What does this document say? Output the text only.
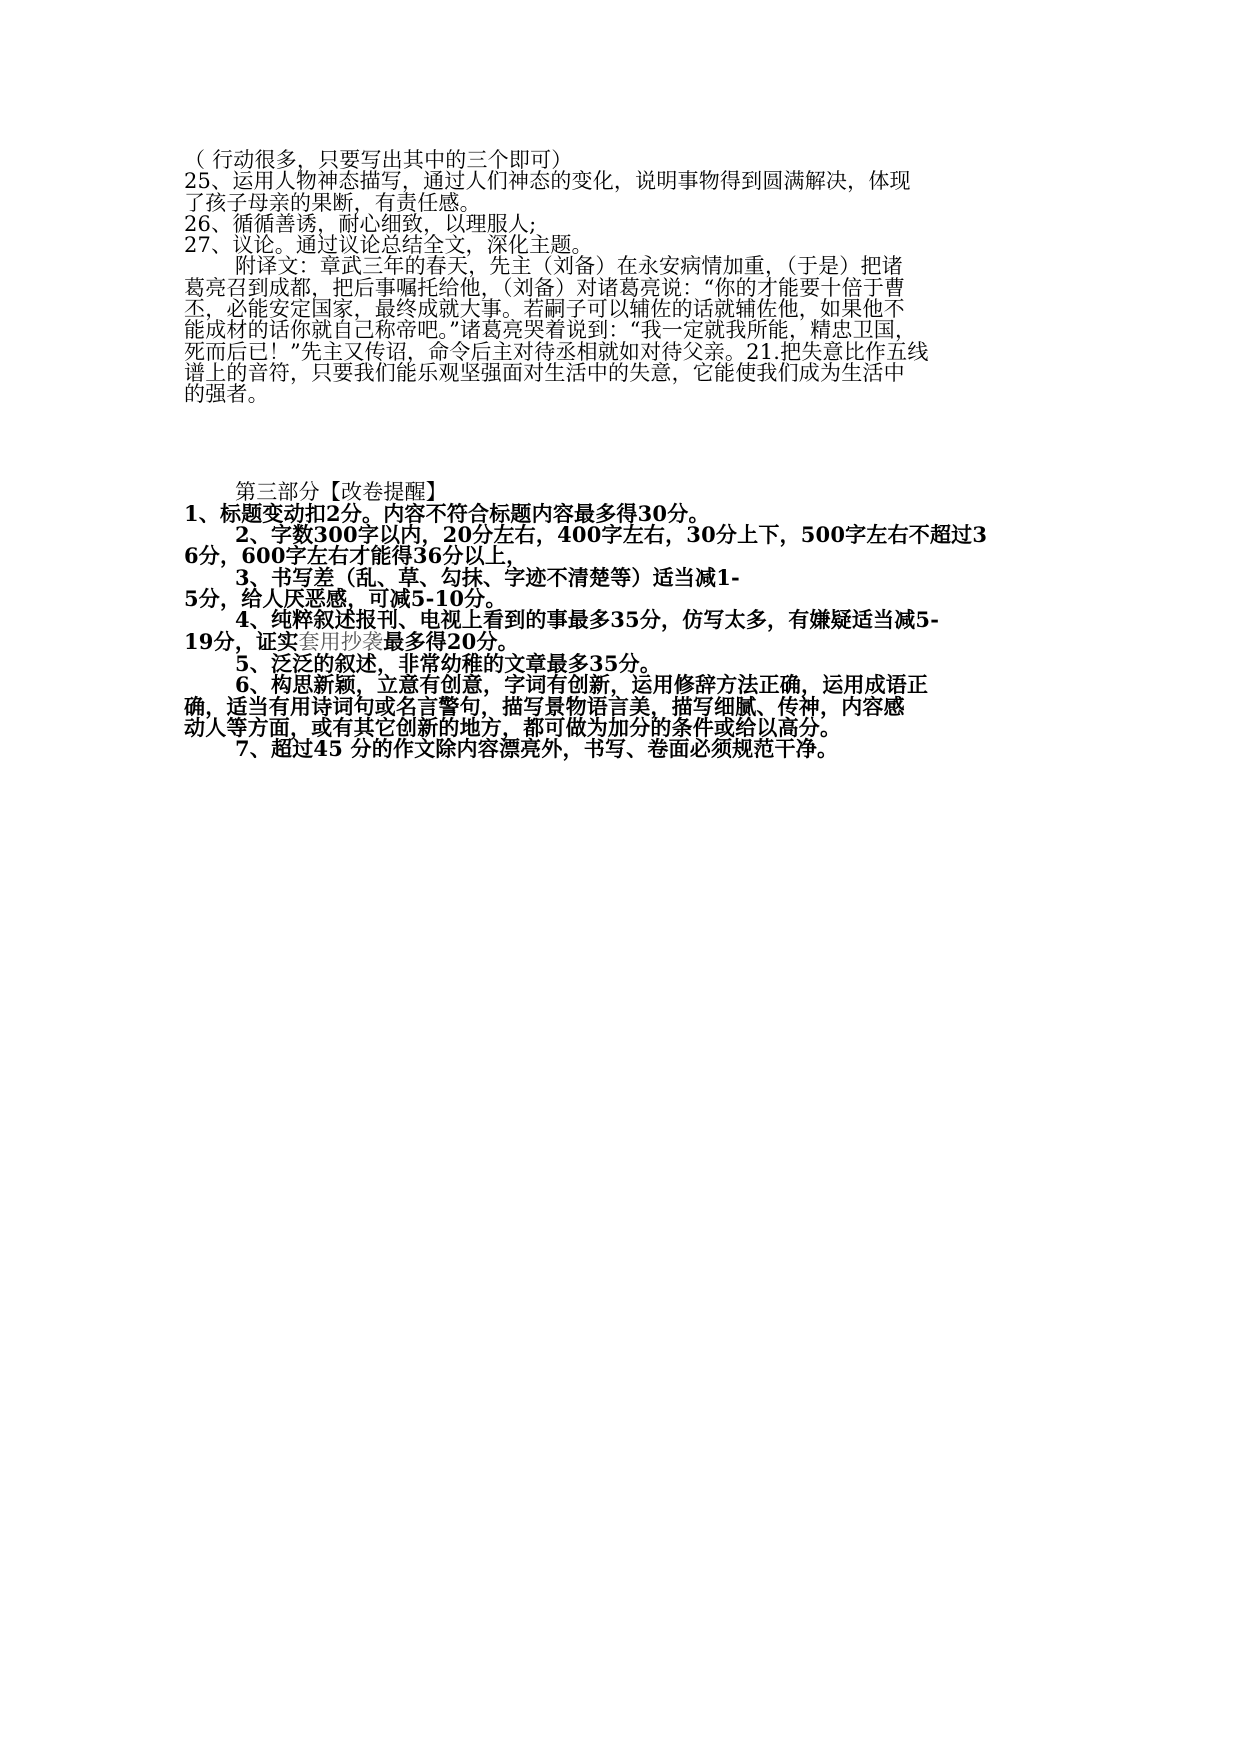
（ 行动很多，只要写出其中的三个即可）

25、运用人物神态描写，通过人们神态的变化，说明事物得到圆满解决，体现

了孩子母亲的果断，有责任感。

26、循循善诱，耐心细致，以理服人;

27、议论。通过议论总结全文，深化主题。

附译文：章武三年的春天，先主（刘备）在永安病情加重，（于是）把诸

葛亮召到成都，把后事嘱托给他，（刘备）对诸葛亮说：“你的才能要十倍于曹

丕，必能安定国家，最终成就大事。若嗣子可以辅佐的话就辅佐他，如果他不

能成材的话你就自己称帝吧。”诸葛亮哭着说到：“我一定就我所能，精忠卫国，

死而后已！”先主又传诏，命令后主对待丞相就如对待父亲。21.把失意比作五线

谱上的音符，只要我们能乐观坚强面对生活中的失意，它能使我们成为生活中

的强者。

第三部分【改卷提醒】

1、标题变动扣2分。内容不符合标题内容最多得30分。

2、字数300字以内，20分左右，400字左右，30分上下，500字左右不超过3

6分，600字左右才能得36分以上，

3、书写差（乱、草、勾抹、字迹不清楚等）适当减1-

5分，给人厌恶感，可减5-10分。

4、纯粹叙述报刊、电视上看到的事最多35分，仿写太多，有嫌疑适当减5-

19分，证实套用抄袭最多得20分。

5、泛泛的叙述，非常幼稚的文章最多35分。

6、构思新颖，立意有创意，字词有创新，运用修辞方法正确，运用成语正

确，适当有用诗词句或名言警句，描写景物语言美，描写细腻、传神，内容感

动人等方面，或有其它创新的地方，都可做为加分的条件或给以高分。

7、超过45 分的作文除内容漂亮外，书写、卷面必须规范干净。
